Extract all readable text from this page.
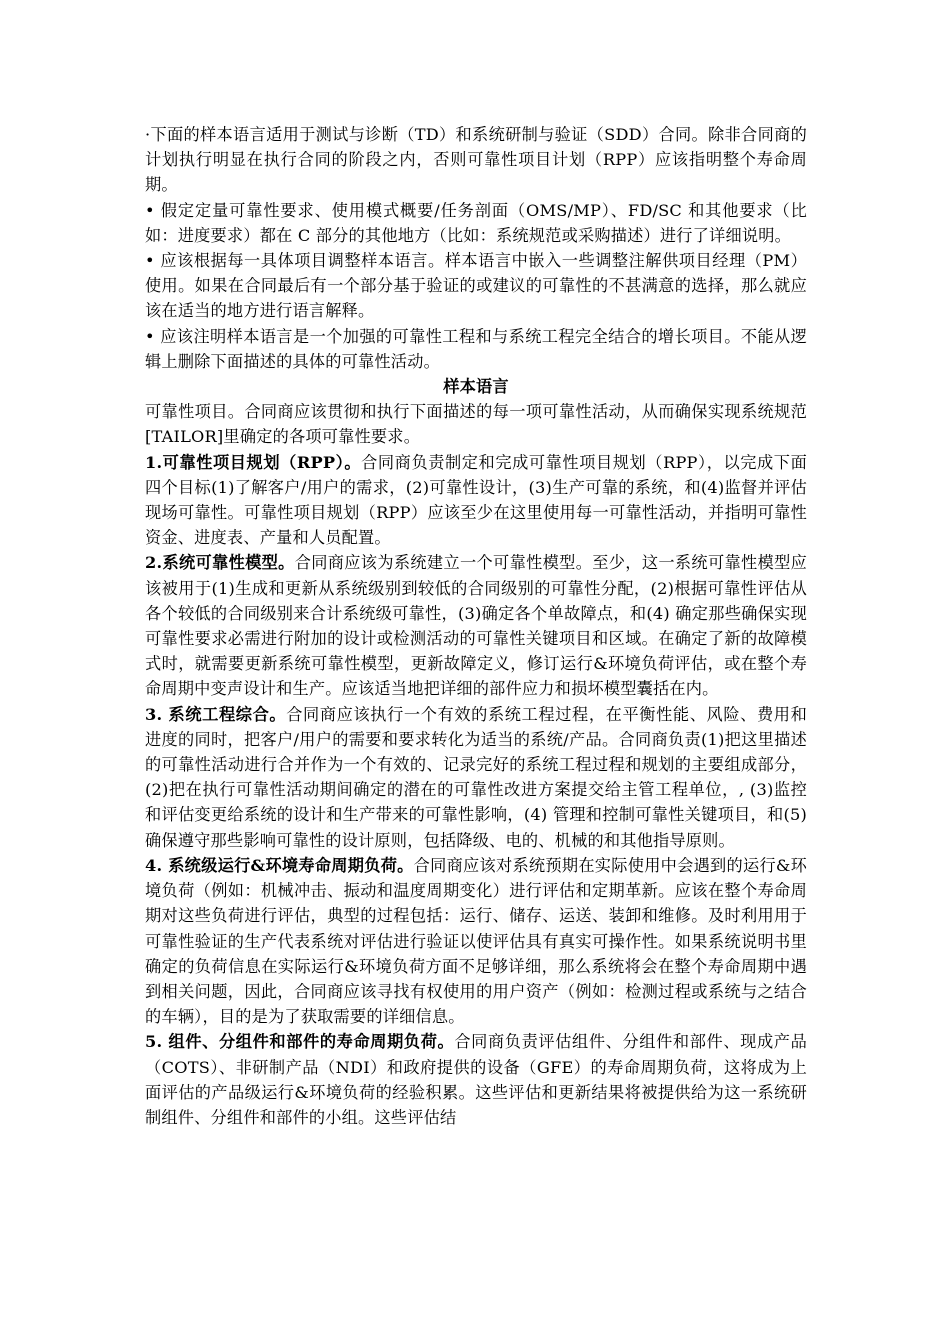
·下面的样本语言适用于测试与诊断（TD）和系统研制与验证（SDD）合同。除非合同商的计划执行明显在执行合同的阶段之内，否则可靠性项目计划（RPP）应该指明整个寿命周期。

• 假定定量可靠性要求、使用模式概要/任务剖面（OMS/MP）、FD/SC 和其他要求（比如：进度要求）都在 C 部分的其他地方（比如：系统规范或采购描述）进行了详细说明。

• 应该根据每一具体项目调整样本语言。样本语言中嵌入一些调整注解供项目经理（PM）使用。如果在合同最后有一个部分基于验证的或建议的可靠性的不甚满意的选择，那么就应该在适当的地方进行语言解释。

• 应该注明样本语言是一个加强的可靠性工程和与系统工程完全结合的增长项目。不能从逻辑上删除下面描述的具体的可靠性活动。

样本语言

可靠性项目。合同商应该贯彻和执行下面描述的每一项可靠性活动，从而确保实现系统规范[TAILOR]里确定的各项可靠性要求。

1.可靠性项目规划（RPP）。合同商负责制定和完成可靠性项目规划（RPP），以完成下面四个目标(1)了解客户/用户的需求，(2)可靠性设计，(3)生产可靠的系统，和(4)监督并评估现场可靠性。可靠性项目规划（RPP）应该至少在这里使用每一可靠性活动，并指明可靠性资金、进度表、产量和人员配置。

2.系统可靠性模型。合同商应该为系统建立一个可靠性模型。至少，这一系统可靠性模型应该被用于(1)生成和更新从系统级别到较低的合同级别的可靠性分配，(2)根据可靠性评估从各个较低的合同级别来合计系统级可靠性，(3)确定各个单故障点，和(4) 确定那些确保实现可靠性要求必需进行附加的设计或检测活动的可靠性关键项目和区域。在确定了新的故障模式时，就需要更新系统可靠性模型，更新故障定义，修订运行&环境负荷评估，或在整个寿命周期中变声设计和生产。应该适当地把详细的部件应力和损坏模型囊括在内。

3. 系统工程综合。合同商应该执行一个有效的系统工程过程，在平衡性能、风险、费用和进度的同时，把客户/用户的需要和要求转化为适当的系统/产品。合同商负责(1)把这里描述的可靠性活动进行合并作为一个有效的、记录完好的系统工程过程和规划的主要组成部分，(2)把在执行可靠性活动期间确定的潜在的可靠性改进方案提交给主管工程单位，, (3)监控和评估变更给系统的设计和生产带来的可靠性影响，(4) 管理和控制可靠性关键项目，和(5)确保遵守那些影响可靠性的设计原则，包括降级、电的、机械的和其他指导原则。

4. 系统级运行&环境寿命周期负荷。合同商应该对系统预期在实际使用中会遇到的运行&环境负荷（例如：机械冲击、振动和温度周期变化）进行评估和定期革新。应该在整个寿命周期对这些负荷进行评估，典型的过程包括：运行、储存、运送、装卸和维修。及时利用用于可靠性验证的生产代表系统对评估进行验证以使评估具有真实可操作性。如果系统说明书里确定的负荷信息在实际运行&环境负荷方面不足够详细，那么系统将会在整个寿命周期中遇到相关问题，因此，合同商应该寻找有权使用的用户资产（例如：检测过程或系统与之结合的车辆），目的是为了获取需要的详细信息。

5. 组件、分组件和部件的寿命周期负荷。合同商负责评估组件、分组件和部件、现成产品（COTS）、非研制产品（NDI）和政府提供的设备（GFE）的寿命周期负荷，这将成为上面评估的产品级运行&环境负荷的经验积累。这些评估和更新结果将被提供给为这一系统研制组件、分组件和部件的小组。这些评估结
